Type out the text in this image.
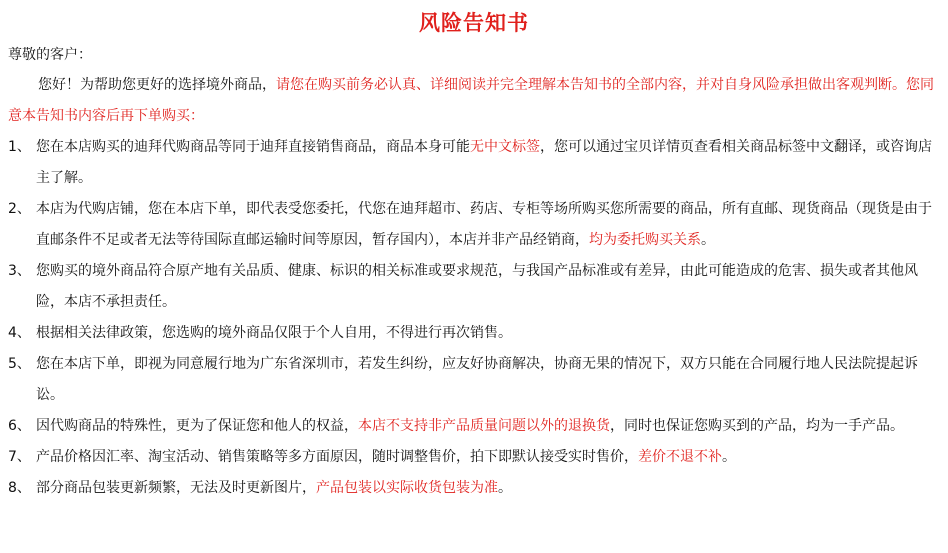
风险告知书

尊敬的客户：

您好！为帮助您更好的选择境外商品，请您在购买前务必认真、详细阅读并完全理解本告知书的全部内容，并对自身风险承担做出客观判断。您同意本告知书内容后再下单购买：

1、 您在本店购买的迪拜代购商品等同于迪拜直接销售商品，商品本身可能无中文标签，您可以通过宝贝详情页查看相关商品标签中文翻译，或咨询店主了解。
2、 本店为代购店铺，您在本店下单，即代表受您委托，代您在迪拜超市、药店、专柜等场所购买您所需要的商品，所有直邮、现货商品（现货是由于直邮条件不足或者无法等待国际直邮运输时间等原因，暂存国内），本店并非产品经销商，均为委托购买关系。
3、 您购买的境外商品符合原产地有关品质、健康、标识的相关标准或要求规范，与我国产品标准或有差异，由此可能造成的危害、损失或者其他风险，本店不承担责任。
4、 根据相关法律政策，您选购的境外商品仅限于个人自用，不得进行再次销售。
5、 您在本店下单，即视为同意履行地为广东省深圳市，若发生纠纷，应友好协商解决，协商无果的情况下，双方只能在合同履行地人民法院提起诉讼。
6、 因代购商品的特殊性，更为了保证您和他人的权益，本店不支持非产品质量问题以外的退换货，同时也保证您购买到的产品，均为一手产品。
7、 产品价格因汇率、淘宝活动、销售策略等多方面原因，随时调整售价，拍下即默认接受实时售价，差价不退不补。
8、 部分商品包装更新频繁，无法及时更新图片，产品包装以实际收货包装为准。
